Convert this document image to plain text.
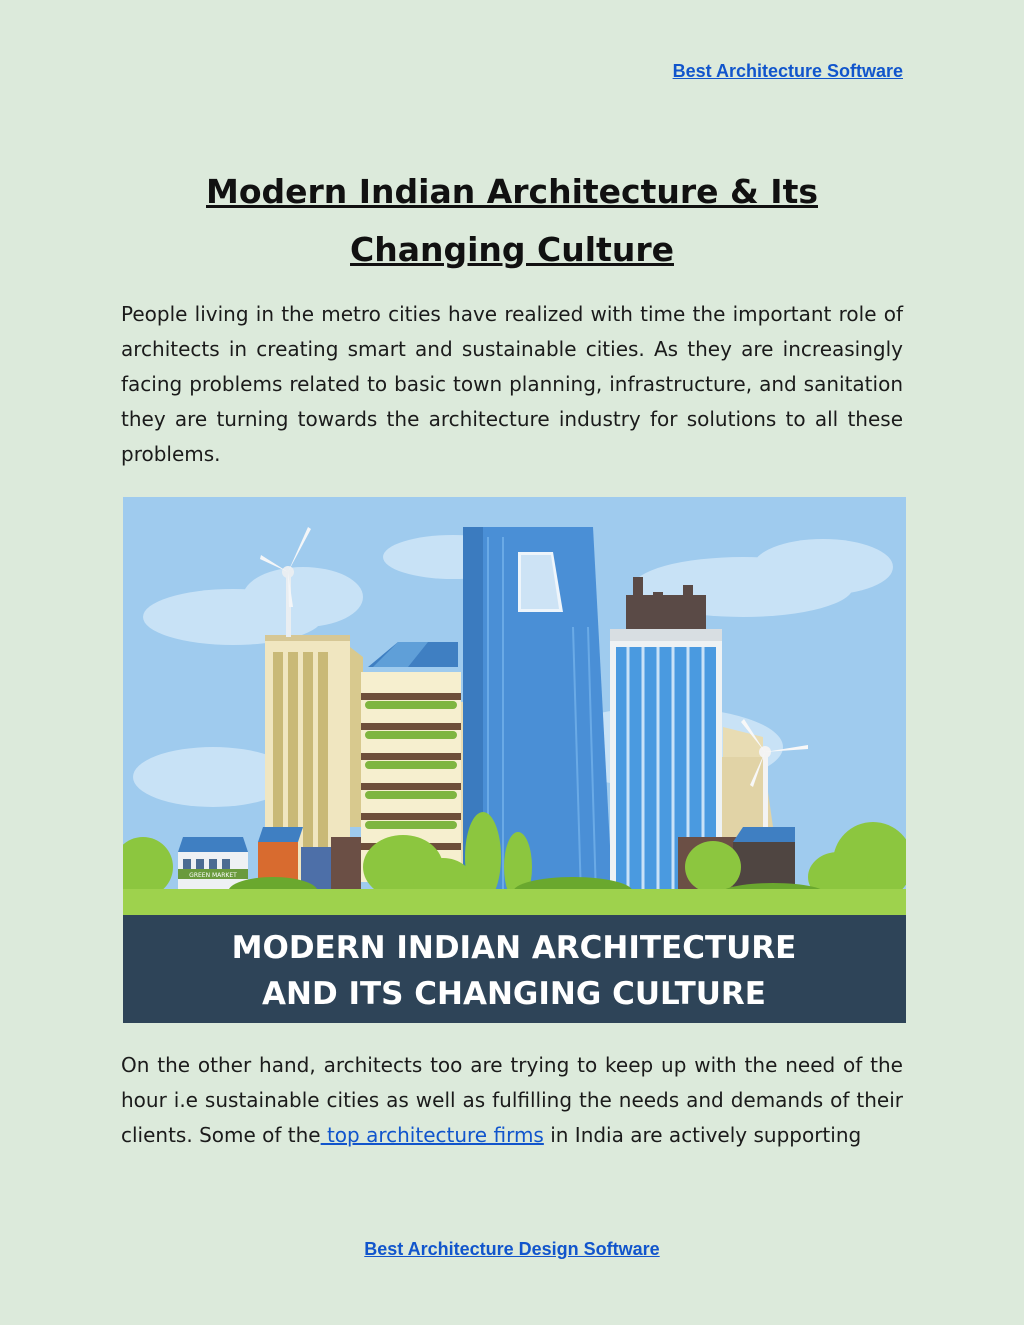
Best Architecture Software
Modern Indian Architecture & Its Changing Culture

People living in the metro cities have realized with time the important role of architects in creating smart and sustainable cities. As they are increasingly facing problems related to basic town planning, infrastructure, and sanitation they are turning towards the architecture industry for solutions to all these problems.

GREEN MARKET
MODERN INDIAN ARCHITECTURE
AND ITS CHANGING CULTURE

On the other hand, architects too are trying to keep up with the need of the hour i.e sustainable cities as well as fulfilling the needs and demands of their clients. Some of the top architecture firms in India are actively supporting

Best Architecture Design Software
